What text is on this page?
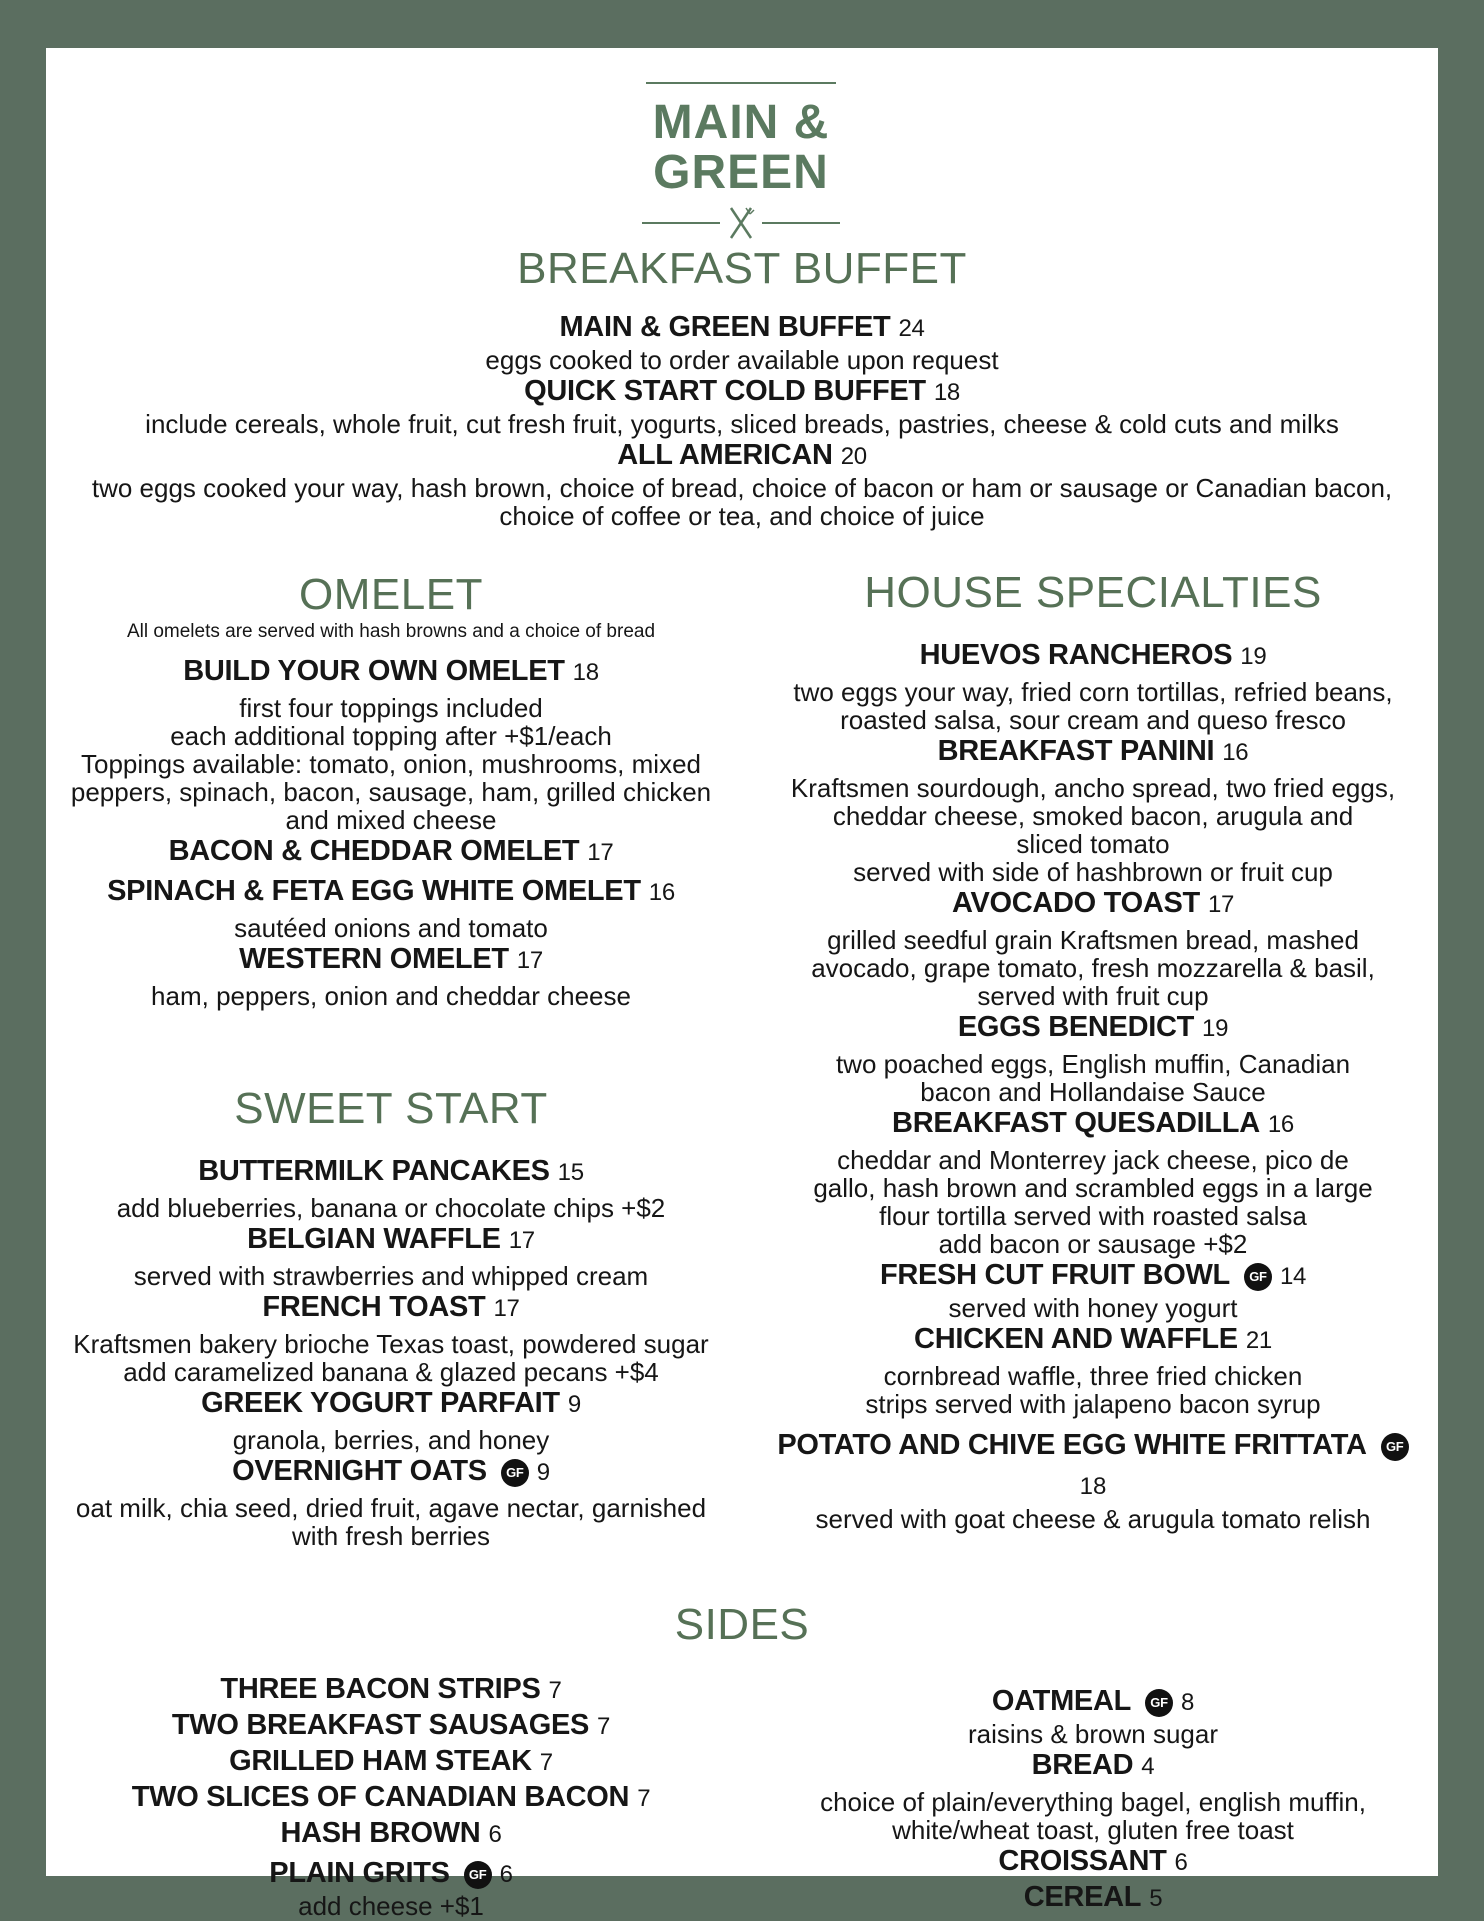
MAIN &
GREEN
BREAKFAST BUFFET
MAIN & GREEN BUFFET 24
eggs cooked to order available upon request
QUICK START COLD BUFFET 18
include cereals, whole fruit, cut fresh fruit, yogurts, sliced breads, pastries, cheese & cold cuts and milks
ALL AMERICAN 20
two eggs cooked your way, hash brown, choice of bread, choice of bacon or ham or sausage or Canadian bacon,
choice of coffee or tea, and choice of juice
OMELET
All omelets are served with hash browns and a choice of bread
BUILD YOUR OWN OMELET 18
first four toppings included
each additional topping after +$1/each
Toppings available: tomato, onion, mushrooms, mixed
peppers, spinach, bacon, sausage, ham, grilled chicken
and mixed cheese
BACON & CHEDDAR OMELET 17
SPINACH & FETA EGG WHITE OMELET 16
sautéed onions and tomato
WESTERN OMELET 17
ham, peppers, onion and cheddar cheese
SWEET START
BUTTERMILK PANCAKES 15
add blueberries, banana or chocolate chips +$2
BELGIAN WAFFLE 17
served with strawberries and whipped cream
FRENCH TOAST 17
Kraftsmen bakery brioche Texas toast, powdered sugar
add caramelized banana & glazed pecans +$4
GREEK YOGURT PARFAIT 9
granola, berries, and honey
OVERNIGHT OATS GF 9
oat milk, chia seed, dried fruit, agave nectar, garnished
with fresh berries
HOUSE SPECIALTIES
HUEVOS RANCHEROS 19
two eggs your way, fried corn tortillas, refried beans,
roasted salsa, sour cream and queso fresco
BREAKFAST PANINI 16
Kraftsmen sourdough, ancho spread, two fried eggs,
cheddar cheese, smoked bacon, arugula and
sliced tomato
served with side of hashbrown or fruit cup
AVOCADO TOAST 17
grilled seedful grain Kraftsmen bread, mashed
avocado, grape tomato, fresh mozzarella & basil,
served with fruit cup
EGGS BENEDICT 19
two poached eggs, English muffin, Canadian
bacon and Hollandaise Sauce
BREAKFAST QUESADILLA 16
cheddar and Monterrey jack cheese, pico de
gallo, hash brown and scrambled eggs in a large
flour tortilla served with roasted salsa
add bacon or sausage +$2
FRESH CUT FRUIT BOWL GF 14
served with honey yogurt
CHICKEN AND WAFFLE 21
cornbread waffle, three fried chicken
strips served with jalapeno bacon syrup
POTATO AND CHIVE EGG WHITE FRITTATA GF
18
served with goat cheese & arugula tomato relish
SIDES
THREE BACON STRIPS 7
TWO BREAKFAST SAUSAGES 7
GRILLED HAM STEAK 7
TWO SLICES OF CANADIAN BACON 7
HASH BROWN 6
PLAIN GRITS GF 6
add cheese +$1
OATMEAL GF 8
raisins & brown sugar
BREAD 4
choice of plain/everything bagel, english muffin,
white/wheat toast, gluten free toast
CROISSANT 6
CEREAL 5
